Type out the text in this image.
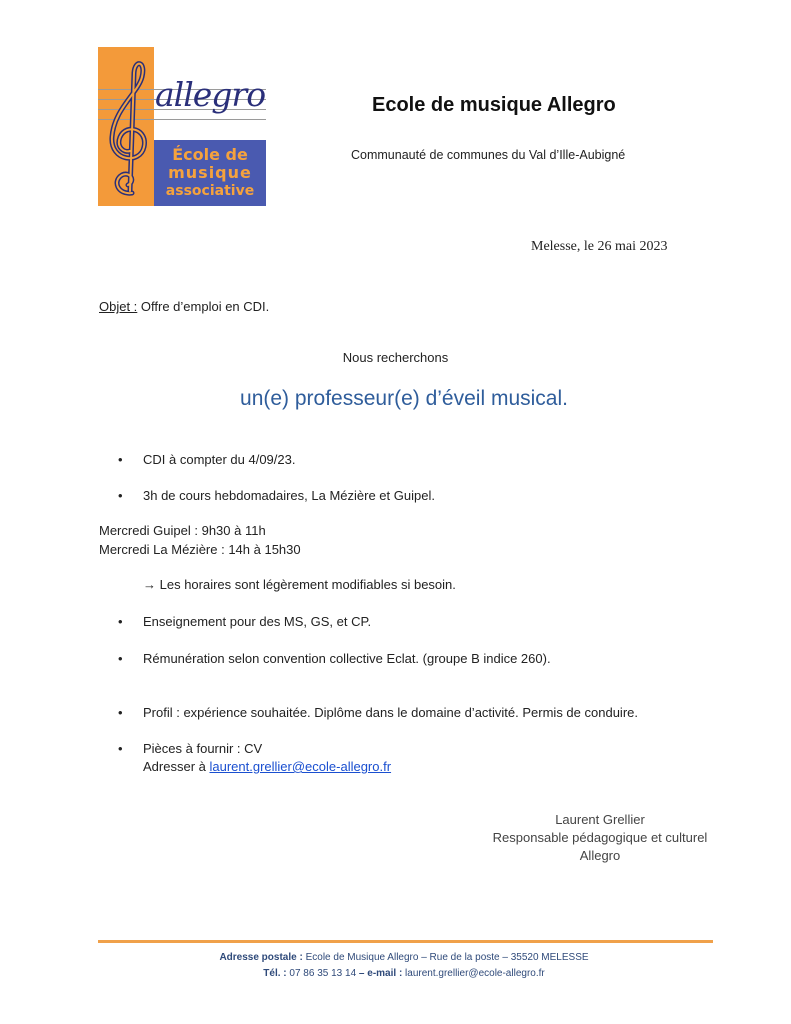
allegro
École de
musique
associative
Ecole de musique Allegro
Communauté de communes du Val d’Ille-Aubigné
Melesse, le 26 mai 2023
Objet : Offre d’emploi en CDI.
Nous recherchons
un(e) professeur(e) d’éveil musical.
• CDI à compter du 4/09/23.
• 3h de cours hebdomadaires, La Mézière et Guipel.
Mercredi Guipel : 9h30 à 11h
Mercredi La Mézière : 14h à 15h30
→ Les horaires sont légèrement modifiables si besoin.
• Enseignement pour des MS, GS, et CP.
• Rémunération selon convention collective Eclat. (groupe B indice 260).
• Profil : expérience souhaitée. Diplôme dans le domaine d’activité. Permis de conduire.
• Pièces à fournir : CV
Adresser à laurent.grellier@ecole-allegro.fr
Laurent Grellier
Responsable pédagogique et culturel
Allegro
Adresse postale : Ecole de Musique Allegro – Rue de la poste – 35520 MELESSE
Tél. : 07 86 35 13 14 – e-mail : laurent.grellier@ecole-allegro.fr
